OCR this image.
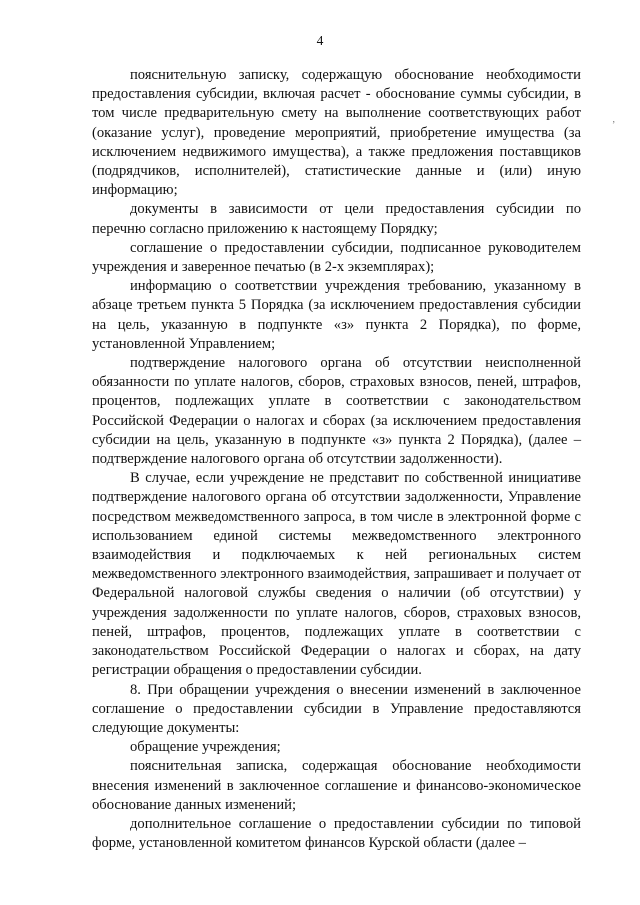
4
’

пояснительную записку, содержащую обоснование необходимости предоставления субсидии, включая расчет - обоснование суммы субсидии, в том числе предварительную смету на выполнение соответствующих работ (оказание услуг), проведение мероприятий, приобретение имущества (за исключением недвижимого имущества), а также предложения поставщиков (подрядчиков, исполнителей), статистические данные и (или) иную информацию;

документы в зависимости от цели предоставления субсидии по перечню согласно приложению к настоящему Порядку;

соглашение о предоставлении субсидии, подписанное руководителем учреждения и заверенное печатью (в 2-х экземплярах);

информацию о соответствии учреждения требованию, указанному в абзаце третьем пункта 5 Порядка (за исключением предоставления субсидии на цель, указанную в подпункте «з» пункта 2 Порядка), по форме, установленной Управлением;

подтверждение налогового органа об отсутствии неисполненной обязанности по уплате налогов, сборов, страховых взносов, пеней, штрафов, процентов, подлежащих уплате в соответствии с законодательством Российской Федерации о налогах и сборах (за исключением предоставления субсидии на цель, указанную в подпункте «з» пункта 2 Порядка), (далее – подтверждение налогового органа об отсутствии задолженности).

В случае, если учреждение не представит по собственной инициативе подтверждение налогового органа об отсутствии задолженности, Управление посредством межведомственного запроса, в том числе в электронной форме с использованием единой системы межведомственного электронного взаимодействия и подключаемых к ней региональных систем межведомственного электронного взаимодействия, запрашивает и получает от Федеральной налоговой службы сведения о наличии (об отсутствии) у учреждения задолженности по уплате налогов, сборов, страховых взносов, пеней, штрафов, процентов, подлежащих уплате в соответствии с законодательством Российской Федерации о налогах и сборах, на дату регистрации обращения о предоставлении субсидии.

8. При обращении учреждения о внесении изменений в заключенное соглашение о предоставлении субсидии в Управление предоставляются следующие документы:

обращение учреждения;

пояснительная записка, содержащая обоснование необходимости внесения изменений в заключенное соглашение и финансово-экономическое обоснование данных изменений;

дополнительное соглашение о предоставлении субсидии по типовой форме, установленной комитетом финансов Курской области (далее –
